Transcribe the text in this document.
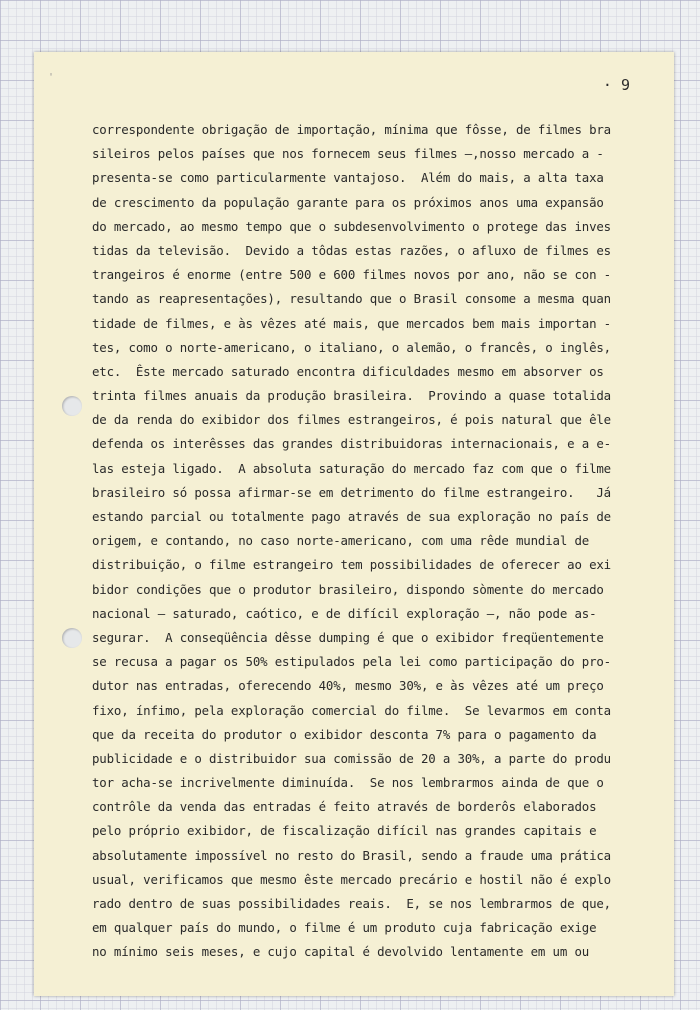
'	· 9
correspondente obrigação de importação, mínima que fôsse, de filmes bra
sileiros pelos países que nos fornecem seus filmes —,nosso mercado a -
presenta-se como particularmente vantajoso.  Além do mais, a alta taxa
de crescimento da população garante para os próximos anos uma expansão
do mercado, ao mesmo tempo que o subdesenvolvimento o protege das inves
tidas da televisão.  Devido a tôdas estas razões, o afluxo de filmes es
trangeiros é enorme (entre 500 e 600 filmes novos por ano, não se con -
tando as reapresentações), resultando que o Brasil consome a mesma quan
tidade de filmes, e às vêzes até mais, que mercados bem mais importan -
tes, como o norte-americano, o italiano, o alemão, o francês, o inglês,
etc.  Êste mercado saturado encontra dificuldades mesmo em absorver os
trinta filmes anuais da produção brasileira.  Provindo a quase totalida
de da renda do exibidor dos filmes estrangeiros, é pois natural que êle
defenda os interêsses das grandes distribuidoras internacionais, e a e-
las esteja ligado.  A absoluta saturação do mercado faz com que o filme
brasileiro só possa afirmar-se em detrimento do filme estrangeiro.   Já
estando parcial ou totalmente pago através de sua exploração no país de
origem, e contando, no caso norte-americano, com uma rêde mundial de
distribuição, o filme estrangeiro tem possibilidades de oferecer ao exi
bidor condições que o produtor brasileiro, dispondo sòmente do mercado
nacional — saturado, caótico, e de difícil exploração —, não pode as-
segurar.  A conseqüência dêsse dumping é que o exibidor freqüentemente
se recusa a pagar os 50% estipulados pela lei como participação do pro-
dutor nas entradas, oferecendo 40%, mesmo 30%, e às vêzes até um preço
fixo, ínfimo, pela exploração comercial do filme.  Se levarmos em conta
que da receita do produtor o exibidor desconta 7% para o pagamento da
publicidade e o distribuidor sua comissão de 20 a 30%, a parte do produ
tor acha-se incrivelmente diminuída.  Se nos lembrarmos ainda de que o
contrôle da venda das entradas é feito através de borderôs elaborados
pelo próprio exibidor, de fiscalização difícil nas grandes capitais e
absolutamente impossível no resto do Brasil, sendo a fraude uma prática
usual, verificamos que mesmo êste mercado precário e hostil não é explo
rado dentro de suas possibilidades reais.  E, se nos lembrarmos de que,
em qualquer país do mundo, o filme é um produto cuja fabricação exige
no mínimo seis meses, e cujo capital é devolvido lentamente em um ou
